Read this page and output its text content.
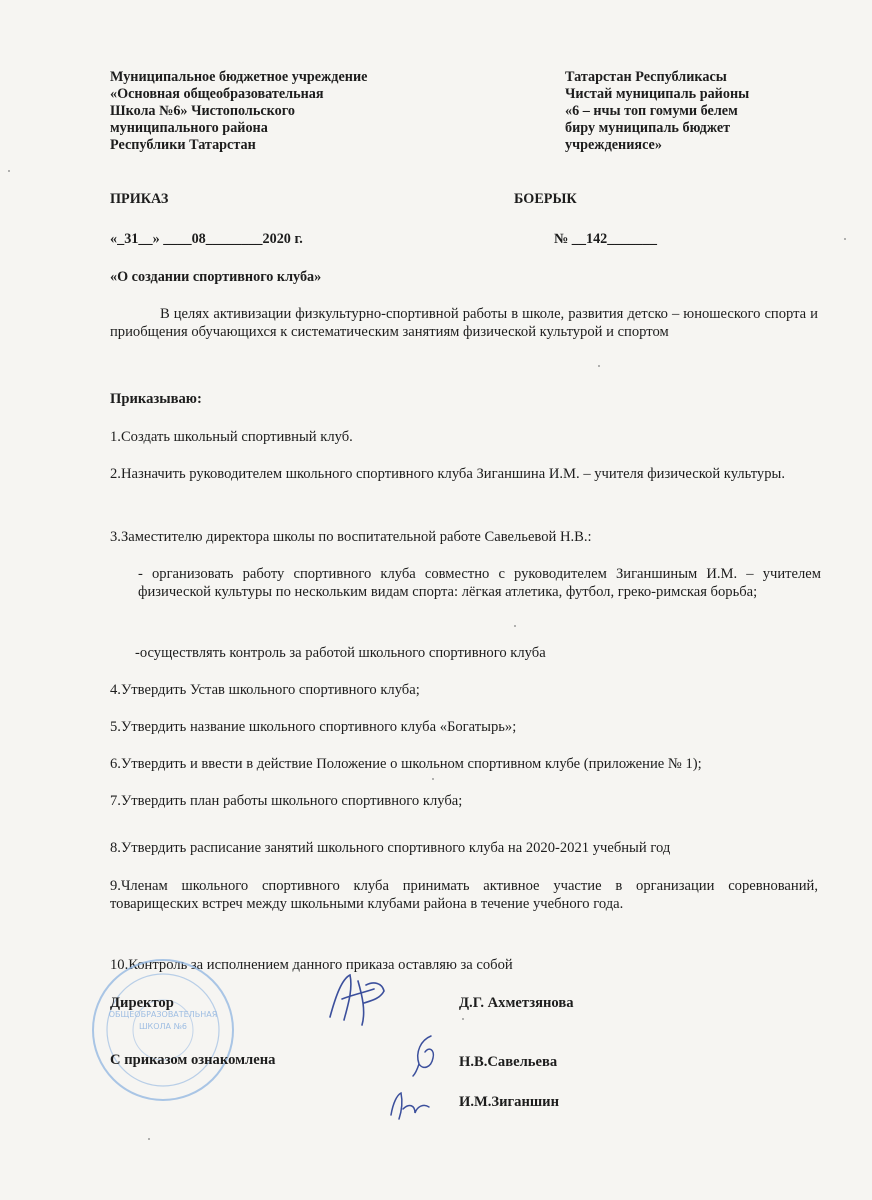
Муниципальное бюджетное учреждение
«Основная общеобразовательная
Школа №6» Чистопольского
муниципального района
Республики Татарстан
Татарстан Республикасы
Чистай муниципаль районы
«6 – нчы топ гомуми белем
биру муниципаль бюджет
учреждениясе»
ПРИКАЗ	БОЕРЫК
«_31__» ____08________2020 г.	№ __142_______
«О создании спортивного клуба»
В целях активизации физкультурно-спортивной работы в школе, развития детско – юношеского спорта и приобщения обучающихся к систематическим занятиям физической культурой и спортом
Приказываю:
1.Создать школьный спортивный клуб.
2.Назначить руководителем школьного спортивного клуба Зиганшина И.М. – учителя физической культуры.
3.Заместителю директора школы по воспитательной работе Савельевой Н.В.:
- организовать работу спортивного клуба совместно с руководителем Зиганшиным И.М. – учителем физической культуры по нескольким видам спорта: лёгкая атлетика, футбол, греко-римская борьба;
-осуществлять контроль за работой школьного спортивного клуба
4.Утвердить Устав школьного спортивного клуба;
5.Утвердить название школьного спортивного клуба «Богатырь»;
6.Утвердить и ввести в действие Положение о школьном спортивном клубе (приложение № 1);
7.Утвердить план работы школьного спортивного клуба;
8.Утвердить расписание занятий школьного спортивного клуба на 2020-2021 учебный год
9.Членам школьного спортивного клуба принимать активное участие в организации соревнований, товарищеских встреч между школьными клубами района в течение учебного года.
10.Контроль за исполнением данного приказа оставляю за собой
ОБЩЕОБРАЗОВАТЕЛЬНАЯ
ШКОЛА №6
Директор	Д.Г. Ахметзянова
С приказом ознакомлена	Н.В.Савельева
И.М.Зиганшин
